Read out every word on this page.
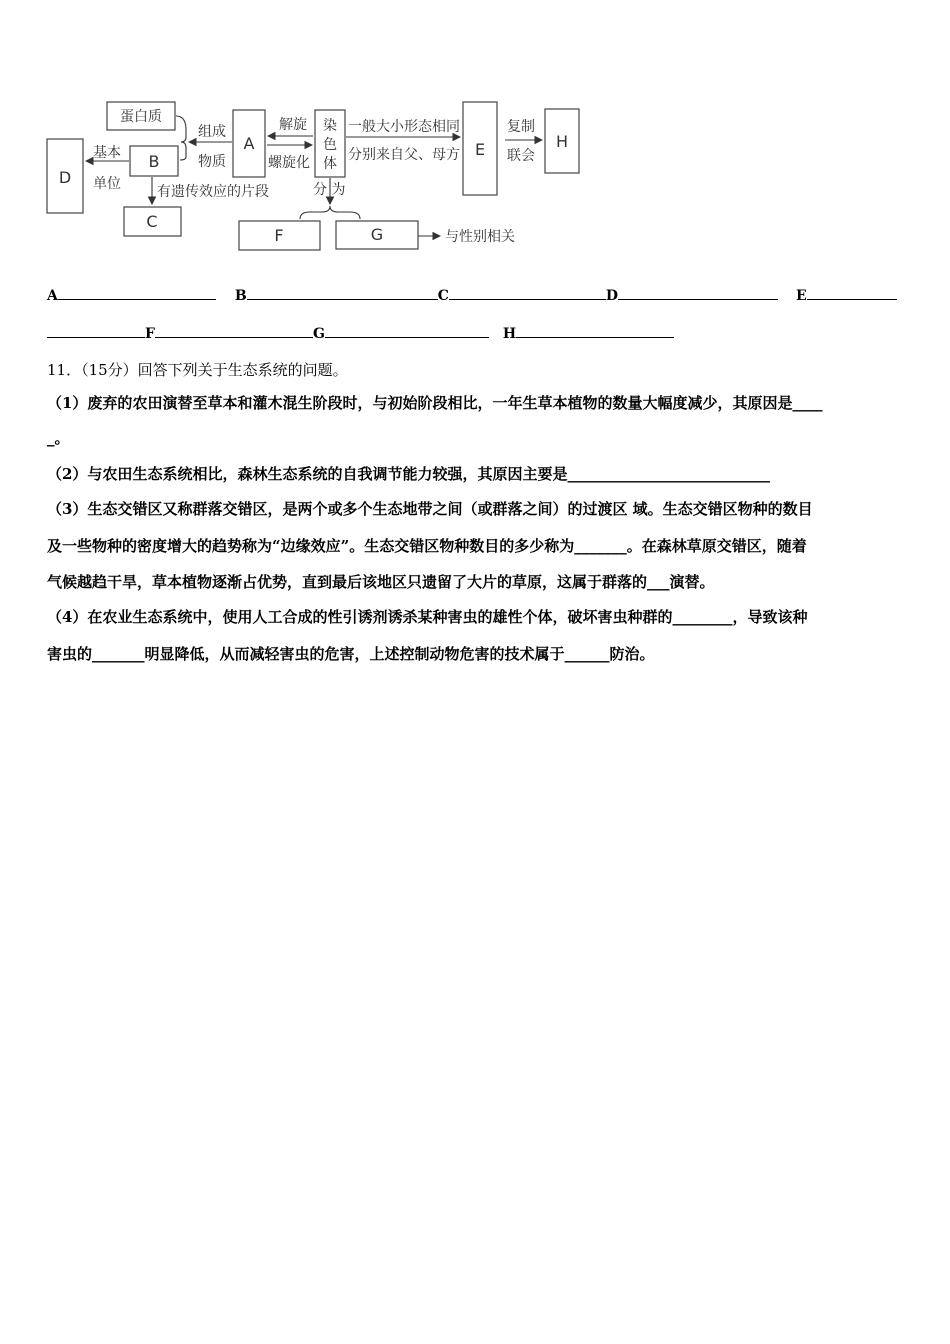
蛋白质
D
B
C
A
染
色
体
E	H
F	G
组成
物质
基本
单位	有遗传效应的片段
解旋
螺旋化
一般大小形态相同
分别来自父、母方
复制
联会
分 为
与性别相关
A	B	C	D	E
F	G	H
11．（15分）回答下列关于生态系统的问题。
（1）废弃的农田演替至草本和灌木混生阶段时，与初始阶段相比，一年生草本植物的数量大幅度减少，其原因是____
_。
（2）与农田生态系统相比，森林生态系统的自我调节能力较强，其原因主要是___________________________
（3）生态交错区又称群落交错区，是两个或多个生态地带之间（或群落之间）的过渡区 域。生态交错区物种的数目
及一些物种的密度增大的趋势称为“边缘效应”。生态交错区物种数目的多少称为_______。在森林草原交错区，随着
气候越趋干旱，草本植物逐渐占优势，直到最后该地区只遗留了大片的草原，这属于群落的___演替。
（4）在农业生态系统中，使用人工合成的性引诱剂诱杀某种害虫的雄性个体，破坏害虫种群的________，导致该种
害虫的_______明显降低，从而减轻害虫的危害，上述控制动物危害的技术属于______防治。
